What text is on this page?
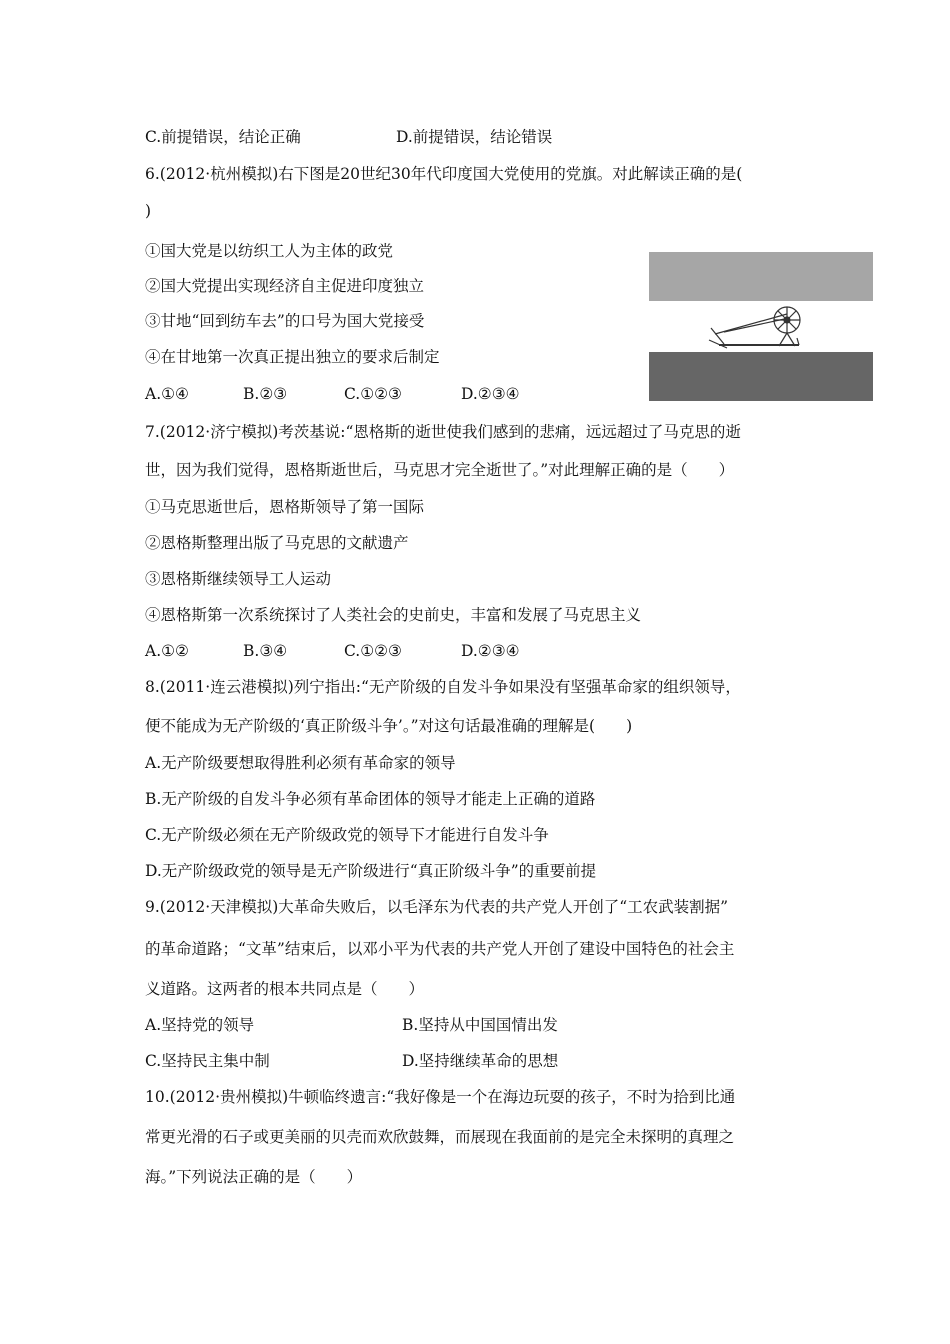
C.前提错误，结论正确	D.前提错误，结论错误
6.(2012·杭州模拟)右下图是20世纪30年代印度国大党使用的党旗。对此解读正确的是(
)
①国大党是以纺织工人为主体的政党
②国大党提出实现经济自主促进印度独立
③甘地“回到纺车去”的口号为国大党接受
④在甘地第一次真正提出独立的要求后制定
A.①④	B.②③	C.①②③	D.②③④
7.(2012·济宁模拟)考茨基说:“恩格斯的逝世使我们感到的悲痛，远远超过了马克思的逝
世，因为我们觉得，恩格斯逝世后，马克思才完全逝世了。”对此理解正确的是（　　）
①马克思逝世后，恩格斯领导了第一国际
②恩格斯整理出版了马克思的文献遗产
③恩格斯继续领导工人运动
④恩格斯第一次系统探讨了人类社会的史前史，丰富和发展了马克思主义
A.①②	B.③④	C.①②③	D.②③④
8.(2011·连云港模拟)列宁指出:“无产阶级的自发斗争如果没有坚强革命家的组织领导，
便不能成为无产阶级的‘真正阶级斗争’。”对这句话最准确的理解是(　　)
A.无产阶级要想取得胜利必须有革命家的领导
B.无产阶级的自发斗争必须有革命团体的领导才能走上正确的道路
C.无产阶级必须在无产阶级政党的领导下才能进行自发斗争
D.无产阶级政党的领导是无产阶级进行“真正阶级斗争”的重要前提
9.(2012·天津模拟)大革命失败后，以毛泽东为代表的共产党人开创了“工农武装割据”
的革命道路；“文革”结束后，以邓小平为代表的共产党人开创了建设中国特色的社会主
义道路。这两者的根本共同点是（　　）
A.坚持党的领导	B.坚持从中国国情出发
C.坚持民主集中制	D.坚持继续革命的思想
10.(2012·贵州模拟)牛顿临终遗言:“我好像是一个在海边玩耍的孩子，不时为拾到比通
常更光滑的石子或更美丽的贝壳而欢欣鼓舞，而展现在我面前的是完全未探明的真理之
海。”下列说法正确的是（　　）
